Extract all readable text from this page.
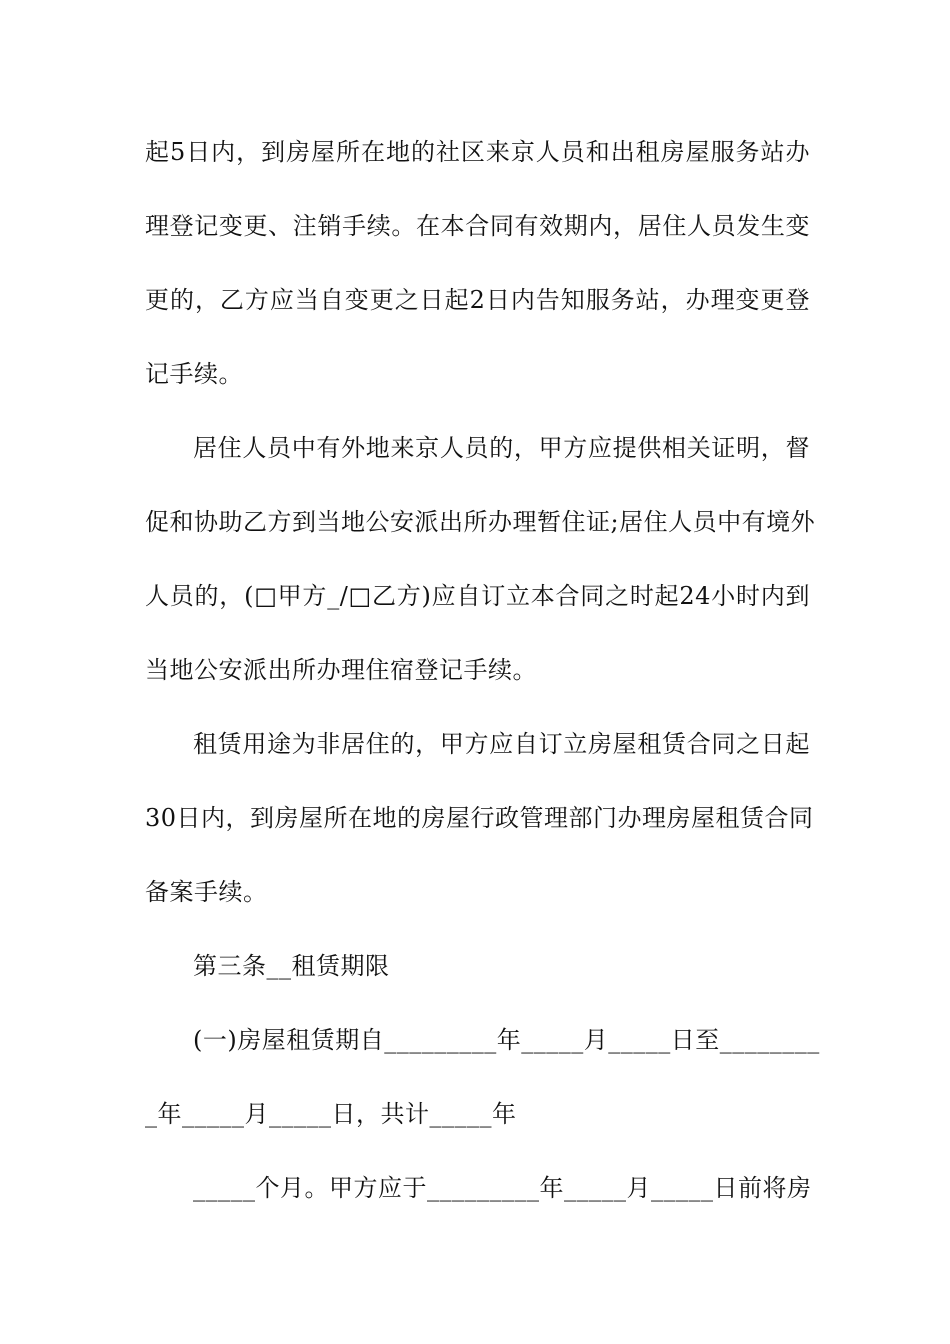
起5日内，到房屋所在地的社区来京人员和出租房屋服务站办
理登记变更、注销手续。在本合同有效期内，居住人员发生变
更的，乙方应当自变更之日起2日内告知服务站，办理变更登
记手续。
居住人员中有外地来京人员的，甲方应提供相关证明，督
促和协助乙方到当地公安派出所办理暂住证;居住人员中有境外
人员的，(□甲方_/□乙方)应自订立本合同之时起24小时内到
当地公安派出所办理住宿登记手续。
租赁用途为非居住的，甲方应自订立房屋租赁合同之日起
30日内，到房屋所在地的房屋行政管理部门办理房屋租赁合同
备案手续。
第三条__租赁期限
(一)房屋租赁期自_________年_____月_____日至________
_年_____月_____日，共计_____年
_____个月。甲方应于_________年_____月_____日前将房
